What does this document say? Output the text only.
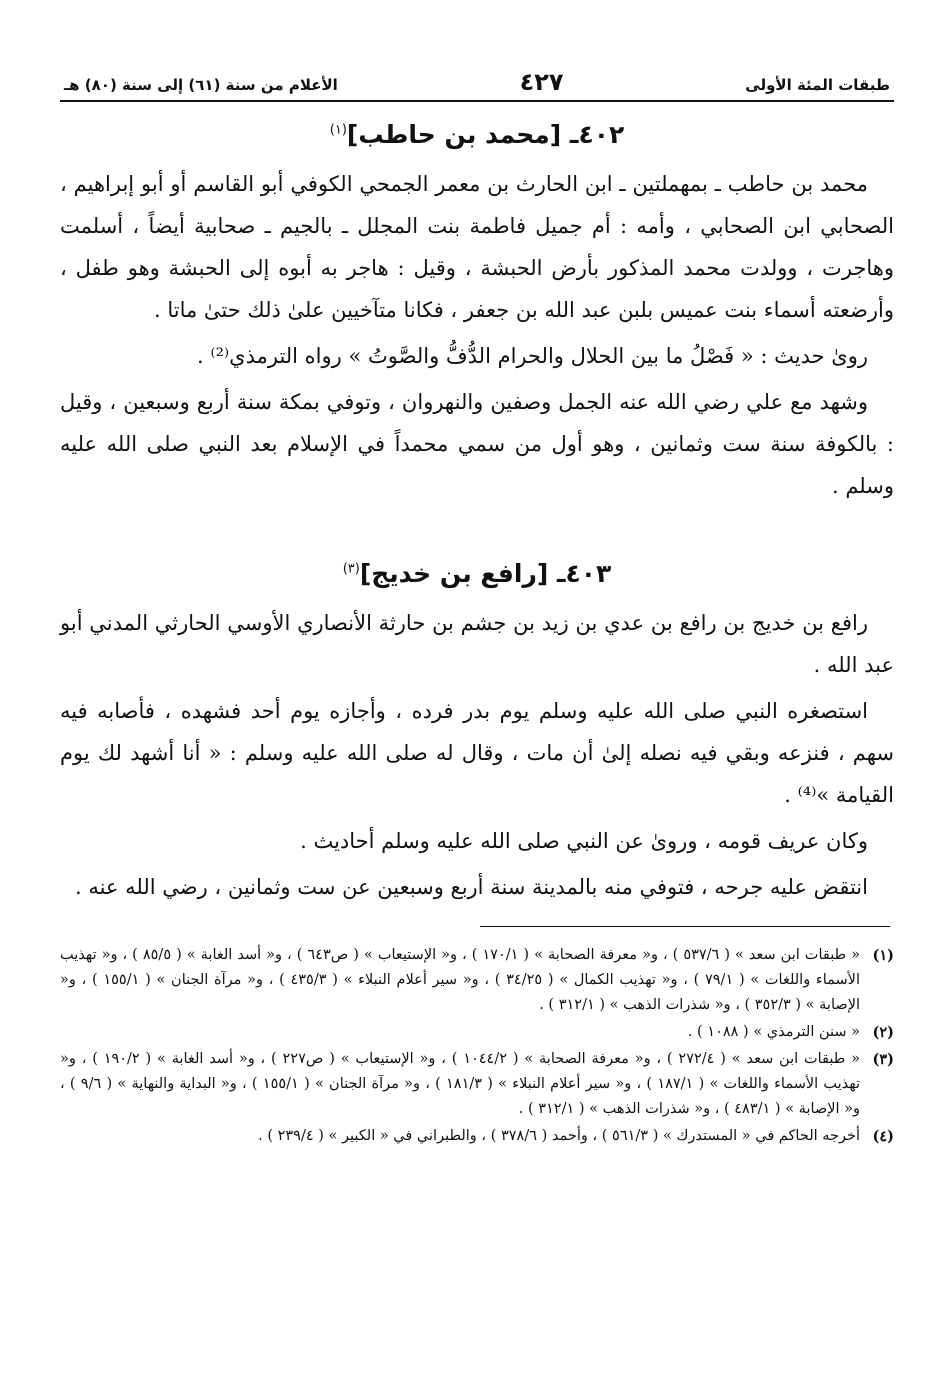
طبقات المئة الأولى
٤٢٧
الأعلام من سنة (٦١) إلى سنة (٨٠) هـ
٤٠٢ـ [محمد بن حاطب]$^{(١)}$

محمد بن حاطب ـ بمهملتين ـ ابن الحارث بن معمر الجمحي الكوفي أبو القاسم أو أبو إبراهيم ، الصحابي ابن الصحابي ، وأمه : أم جميل فاطمة بنت المجلل ـ بالجيم ـ صحابية أيضاً ، أسلمت وهاجرت ، وولدت محمد المذكور بأرض الحبشة ، وقيل : هاجر به أبوه إلى الحبشة وهو طفل ، وأرضعته أسماء بنت عميس بلبن عبد الله بن جعفر ، فكانا متآخيين علىٰ ذلك حتىٰ ماتا .

روىٰ حديث : « فَصْلُ ما بين الحلال والحرام الدُّفُّ والصَّوتُ » رواه الترمذي⁽²⁾ .

وشهد مع علي رضي الله عنه الجمل وصفين والنهروان ، وتوفي بمكة سنة أربع وسبعين ، وقيل : بالكوفة سنة ست وثمانين ، وهو أول من سمي محمداً في الإسلام بعد النبي صلى الله عليه وسلم .

٤٠٣ـ [رافع بن خديج]$^{(٣)}$

رافع بن خديج بن رافع بن عدي بن زيد بن جشم بن حارثة الأنصاري الأوسي الحارثي المدني أبو عبد الله .

استصغره النبي صلى الله عليه وسلم يوم بدر فرده ، وأجازه يوم أحد فشهده ، فأصابه فيه سهم ، فنزعه وبقي فيه نصله إلىٰ أن مات ، وقال له صلى الله عليه وسلم : « أنا أشهد لك يوم القيامة »⁽⁴⁾ .

وكان عريف قومه ، وروىٰ عن النبي صلى الله عليه وسلم أحاديث .

انتقض عليه جرحه ، فتوفي منه بالمدينة سنة أربع وسبعين عن ست وثمانين ، رضي الله عنه .

(١)
« طبقات ابن سعد » ( ٥٣٧/٦ ) ، و« معرفة الصحابة » ( ١٧٠/١ ) ، و« الإستيعاب » ( ص٦٤٣ ) ، و« أسد الغابة » ( ٨٥/٥ ) ، و« تهذيب الأسماء واللغات » ( ٧٩/١ ) ، و« تهذيب الكمال » ( ٣٤/٢٥ ) ، و« سير أعلام النبلاء » ( ٤٣٥/٣ ) ، و« مرآة الجنان » ( ١٥٥/١ ) ، و« الإصابة » ( ٣٥٢/٣ ) ، و« شذرات الذهب » ( ٣١٢/١ ) .
(٢)
« سنن الترمذي » ( ١٠٨٨ ) .
(٣)
« طبقات ابن سعد » ( ٢٧٢/٤ ) ، و« معرفة الصحابة » ( ١٠٤٤/٢ ) ، و« الإستيعاب » ( ص٢٢٧ ) ، و« أسد الغابة » ( ١٩٠/٢ ) ، و« تهذيب الأسماء واللغات » ( ١٨٧/١ ) ، و« سير أعلام النبلاء » ( ١٨١/٣ ) ، و« مرآة الجنان » ( ١٥٥/١ ) ، و« البداية والنهاية » ( ٩/٦ ) ، و« الإصابة » ( ٤٨٣/١ ) ، و« شذرات الذهب » ( ٣١٢/١ ) .
(٤)
أخرجه الحاكم في « المستدرك » ( ٥٦١/٣ ) ، وأحمد ( ٣٧٨/٦ ) ، والطبراني في « الكبير » ( ٢٣٩/٤ ) .
